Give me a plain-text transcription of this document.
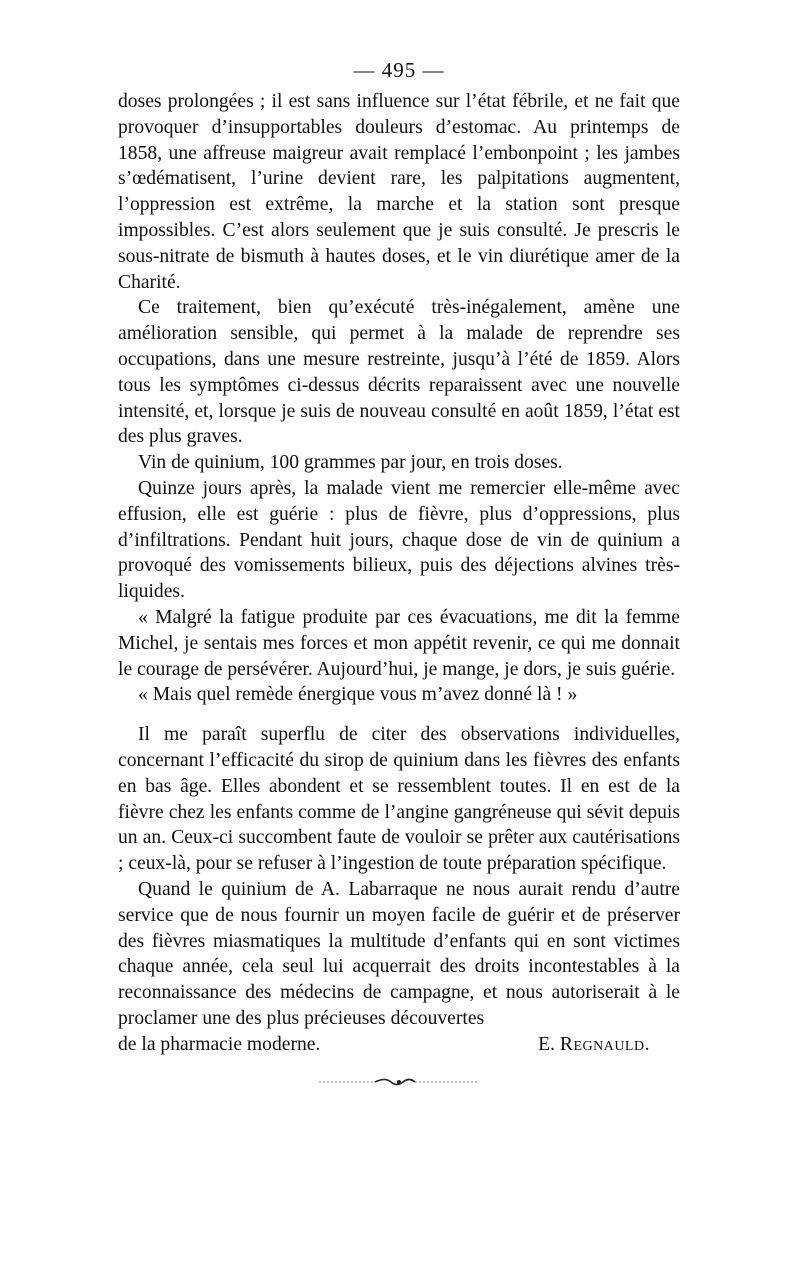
— 495 —

doses prolongées ; il est sans influence sur l’état fébrile, et ne fait que provoquer d’insupportables douleurs d’estomac. Au printemps de 1858, une affreuse maigreur avait remplacé l’embonpoint ; les jambes s’œdématisent, l’urine devient rare, les palpitations augmentent, l’oppression est extrême, la marche et la station sont presque impossibles. C’est alors seulement que je suis consulté. Je prescris le sous-nitrate de bismuth à hautes doses, et le vin diurétique amer de la Charité.

Ce traitement, bien qu’exécuté très-inégalement, amène une amélioration sensible, qui permet à la malade de reprendre ses occupations, dans une mesure restreinte, jusqu’à l’été de 1859. Alors tous les symptômes ci-dessus décrits reparaissent avec une nouvelle intensité, et, lorsque je suis de nouveau consulté en août 1859, l’état est des plus graves.

Vin de quinium, 100 grammes par jour, en trois doses.

Quinze jours après, la malade vient me remercier elle-même avec effusion, elle est guérie : plus de fièvre, plus d’oppressions, plus d’infiltrations. Pendant huit jours, chaque dose de vin de quinium a provoqué des vomissements bilieux, puis des déjections alvines très-liquides.

« Malgré la fatigue produite par ces évacuations, me dit la femme Michel, je sentais mes forces et mon appétit revenir, ce qui me donnait le courage de persévérer. Aujourd’hui, je mange, je dors, je suis guérie.

« Mais quel remède énergique vous m’avez donné là ! »

Il me paraît superflu de citer des observations individuelles, concernant l’efficacité du sirop de quinium dans les fièvres des enfants en bas âge. Elles abondent et se ressemblent toutes. Il en est de la fièvre chez les enfants comme de l’angine gangréneuse qui sévit depuis un an. Ceux-ci succombent faute de vouloir se prêter aux cautérisations ; ceux-là, pour se refuser à l’ingestion de toute préparation spécifique.

Quand le quinium de A. Labarraque ne nous aurait rendu d’autre service que de nous fournir un moyen facile de guérir et de préserver des fièvres miasmatiques la multitude d’enfants qui en sont victimes chaque année, cela seul lui acquerrait des droits incontestables à la reconnaissance des médecins de campagne, et nous autoriserait à le proclamer une des plus précieuses découvertes

de la pharmacie moderne.	E. Regnauld.
